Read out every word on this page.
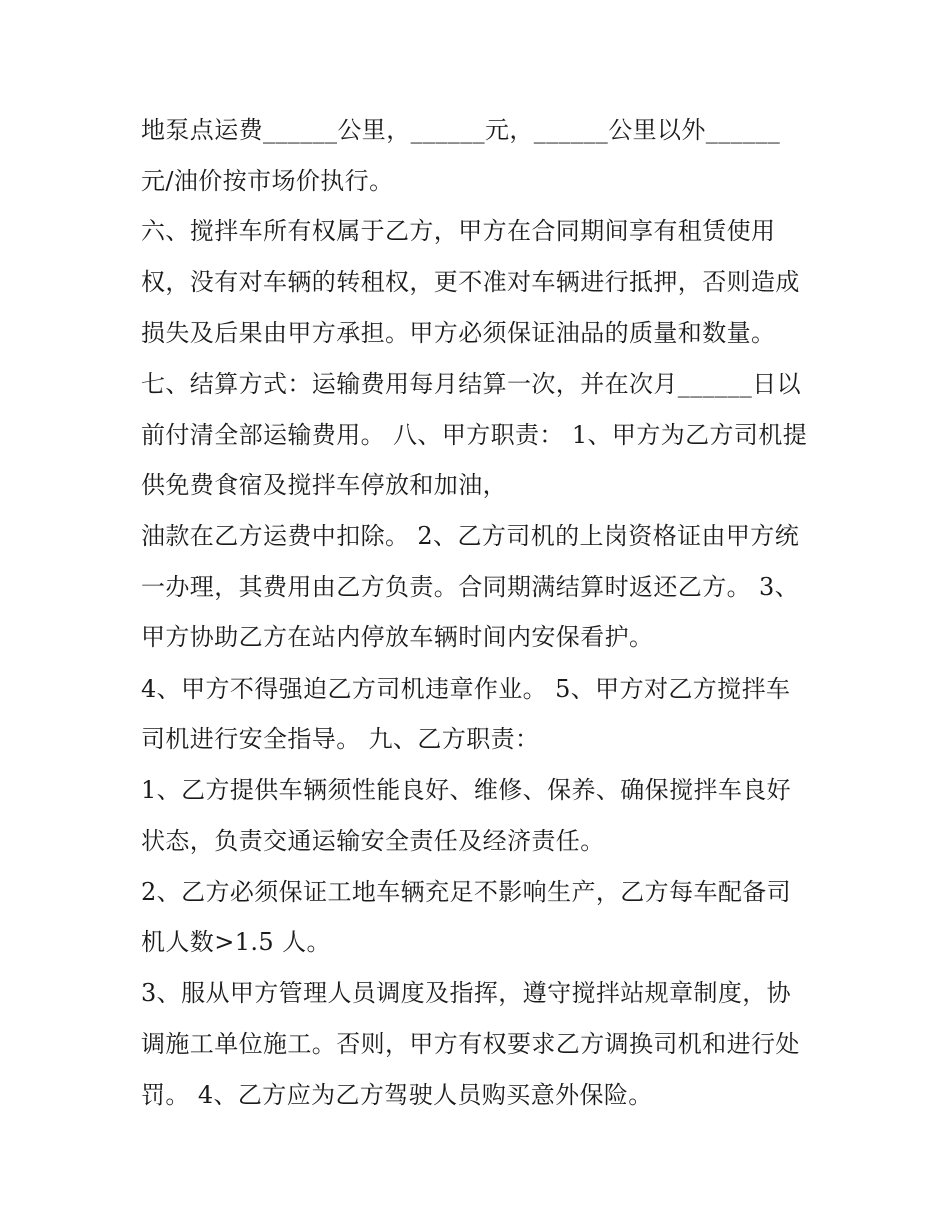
地泵点运费______公里，______元，______公里以外______
元/油价按市场价执行。
六、搅拌车所有权属于乙方，甲方在合同期间享有租赁使用
权，没有对车辆的转租权，更不准对车辆进行抵押，否则造成
损失及后果由甲方承担。甲方必须保证油品的质量和数量。
七、结算方式：运输费用每月结算一次，并在次月______日以
前付清全部运输费用。 八、甲方职责： 1、甲方为乙方司机提
供免费食宿及搅拌车停放和加油，
油款在乙方运费中扣除。 2、乙方司机的上岗资格证由甲方统
一办理，其费用由乙方负责。合同期满结算时返还乙方。 3、
甲方协助乙方在站内停放车辆时间内安保看护。
4、甲方不得强迫乙方司机违章作业。 5、甲方对乙方搅拌车
司机进行安全指导。 九、乙方职责：
1、乙方提供车辆须性能良好、维修、保养、确保搅拌车良好
状态，负责交通运输安全责任及经济责任。
2、乙方必须保证工地车辆充足不影响生产，乙方每车配备司
机人数>1.5 人。
3、服从甲方管理人员调度及指挥，遵守搅拌站规章制度，协
调施工单位施工。否则，甲方有权要求乙方调换司机和进行处
罚。 4、乙方应为乙方驾驶人员购买意外保险。
